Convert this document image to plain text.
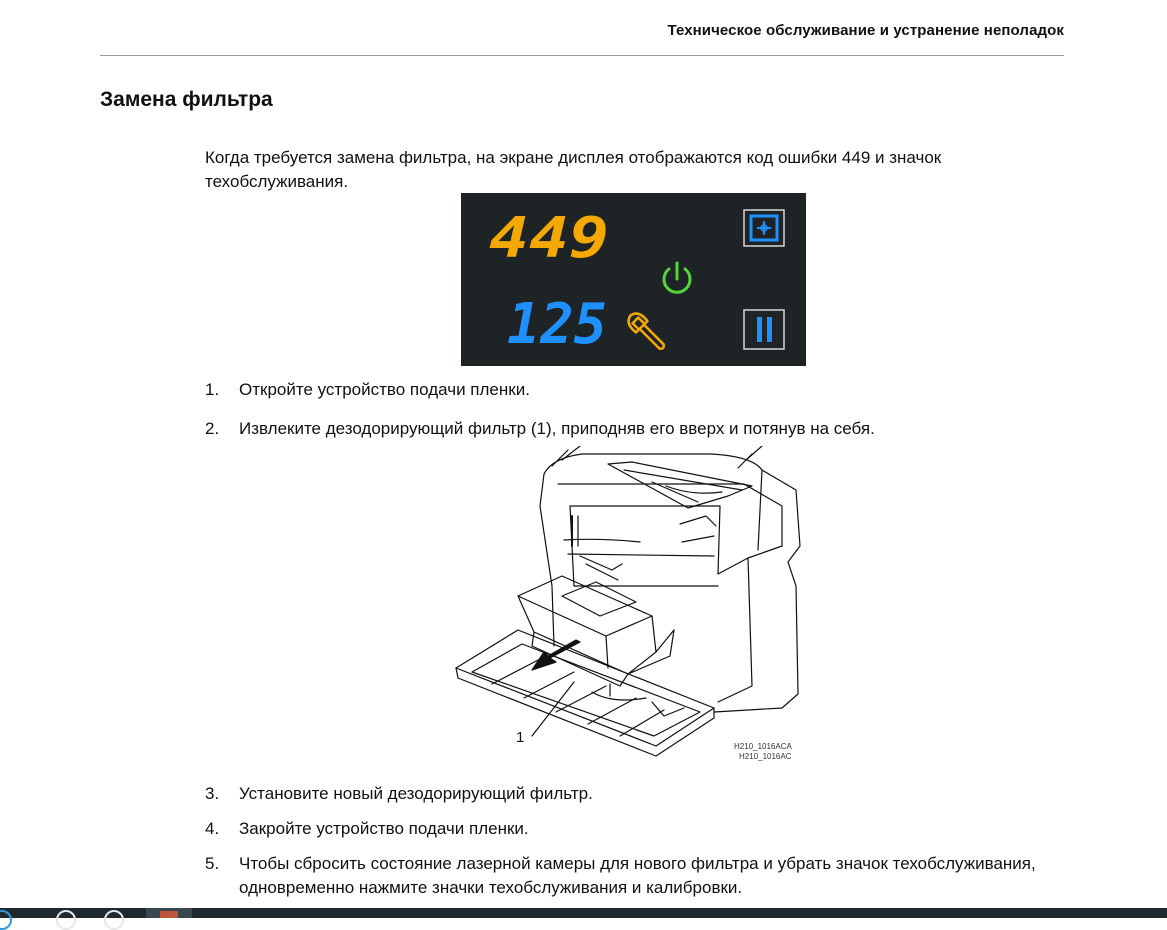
Техническое обслуживание и устранение неполадок
Замена фильтра

Когда требуется замена фильтра, на экране дисплея отображаются код ошибки 449 и значок техобслуживания.

449
125
1. Откройте устройство подачи пленки.
2. Извлеките дезодорирующий фильтр (1), приподняв его вверх и потянув на себя.
3. Установите новый дезодорирующий фильтр.
4. Закройте устройство подачи пленки.
5. Чтобы сбросить состояние лазерной камеры для нового фильтра и убрать значок техобслуживания, одновременно нажмите значки техобслуживания и калибровки.
1
H210_1016ACA
H210_1016AC
